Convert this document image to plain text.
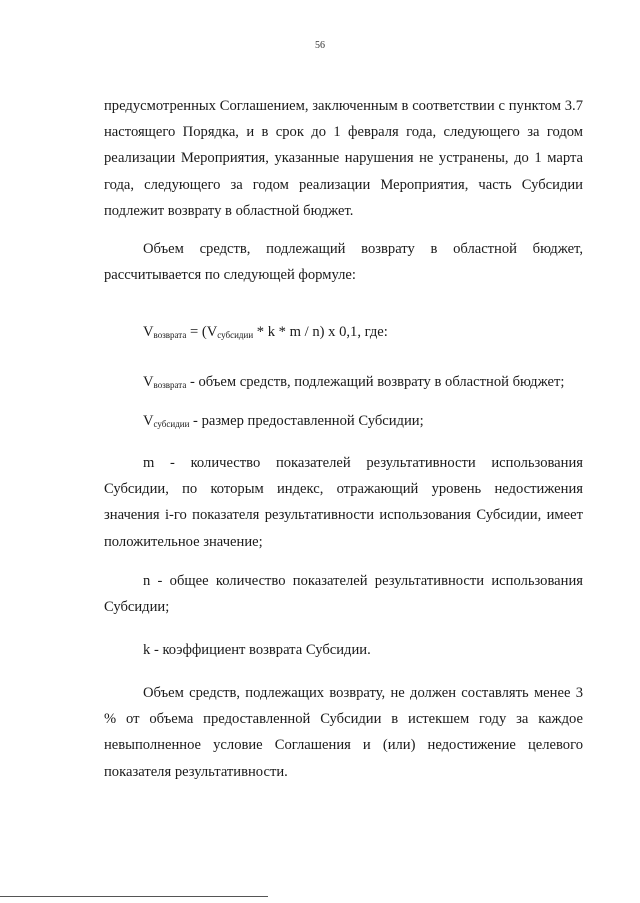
56

предусмотренных Соглашением, заключенным в соответствии с пунктом 3.7 настоящего Порядка, и в срок до 1 февраля года, следующего за годом реализации Мероприятия, указанные нарушения не устранены, до 1 марта года, следующего за годом реализации Мероприятия, часть Субсидии подлежит возврату в областной бюджет.

Объем средств, подлежащий возврату в областной бюджет, рассчитывается по следующей формуле:

$V_{возврата} = (V_{субсидии} * k * m / n)$ x 0,1, где:

$V_{возврата}$ - объем средств, подлежащий возврату в областной бюджет;

$V_{субсидии}$ - размер предоставленной Субсидии;

m - количество показателей результативности использования Субсидии, по которым индекс, отражающий уровень недостижения значения i-го показателя результативности использования Субсидии, имеет положительное значение;

n - общее количество показателей результативности использования Субсидии;

k - коэффициент возврата Субсидии.

Объем средств, подлежащих возврату, не должен составлять менее 3 % от объема предоставленной Субсидии в истекшем году за каждое невыполненное условие Соглашения и (или) недостижение целевого показателя результативности.
